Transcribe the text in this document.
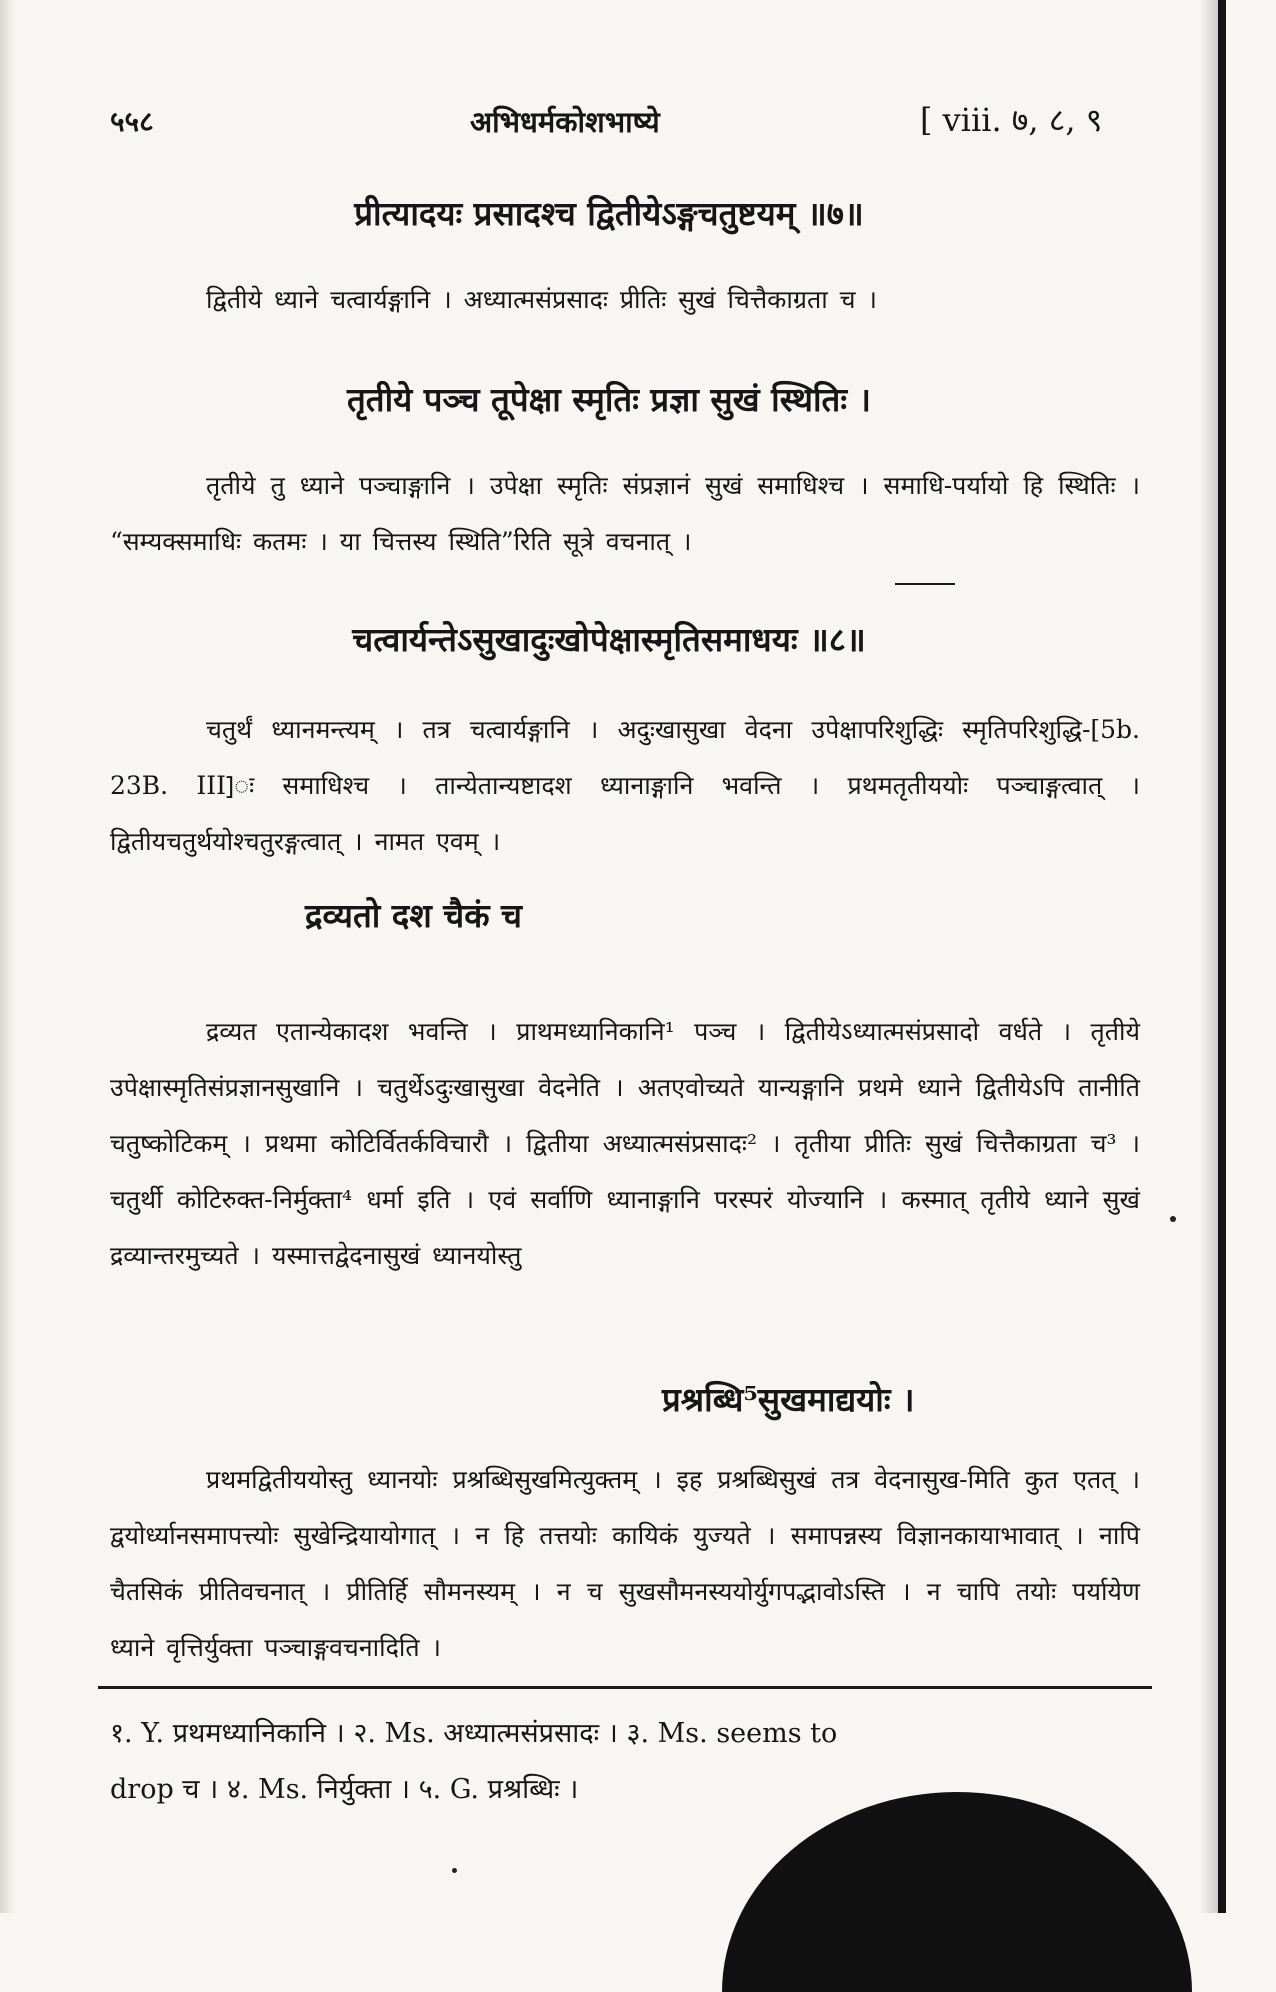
५५८	अभिधर्मकोशभाष्ये	[ viii. ७, ८, ९
प्रीत्यादयः प्रसादश्च द्वितीयेऽङ्गचतुष्टयम् ॥७॥
द्वितीये ध्याने चत्वार्यङ्गानि । अध्यात्मसंप्रसादः प्रीतिः सुखं चित्तैकाग्रता च ।
तृतीये पञ्च तूपेक्षा स्मृतिः प्रज्ञा सुखं स्थितिः ।
तृतीये तु ध्याने पञ्चाङ्गानि । उपेक्षा स्मृतिः संप्रज्ञानं सुखं समाधिश्च । समाधि-पर्यायो हि स्थितिः । “सम्यक्समाधिः कतमः । या चित्तस्य स्थिति”रिति सूत्रे वचनात् ।
चत्वार्यन्तेऽसुखादुःखोपेक्षास्मृतिसमाधयः ॥८॥
चतुर्थं ध्यानमन्त्यम् । तत्र चत्वार्यङ्गानि । अदुःखासुखा वेदना उपेक्षापरिशुद्धिः स्मृतिपरिशुद्धि-[5b. 23B. III]ः समाधिश्च । तान्येतान्यष्टादश ध्यानाङ्गानि भवन्ति । प्रथमतृतीययोः पञ्चाङ्गत्वात् । द्वितीयचतुर्थयोश्चतुरङ्गत्वात् । नामत एवम् ।
द्रव्यतो दश चैकं च
द्रव्यत एतान्येकादश भवन्ति । प्राथमध्यानिकानि¹ पञ्च । द्वितीयेऽध्यात्मसंप्रसादो वर्धते । तृतीये उपेक्षास्मृतिसंप्रज्ञानसुखानि । चतुर्थेऽदुःखासुखा वेदनेति । अतएवोच्यते यान्यङ्गानि प्रथमे ध्याने द्वितीयेऽपि तानीति चतुष्कोटिकम् । प्रथमा कोटिर्वितर्कविचारौ । द्वितीया अध्यात्मसंप्रसादः² । तृतीया प्रीतिः सुखं चित्तैकाग्रता च³ । चतुर्थी कोटिरुक्त-निर्मुक्ता⁴ धर्मा इति । एवं सर्वाणि ध्यानाङ्गानि परस्परं योज्यानि । कस्मात् तृतीये ध्याने सुखं द्रव्यान्तरमुच्यते । यस्मात्तद्वेदनासुखं ध्यानयोस्तु
प्रश्रब्धि⁵सुखमाद्ययोः ।
प्रथमद्वितीययोस्तु ध्यानयोः प्रश्रब्धिसुखमित्युक्तम् । इह प्रश्रब्धिसुखं तत्र वेदनासुख-मिति कुत एतत् । द्वयोर्ध्यानसमापत्त्योः सुखेन्द्रियायोगात् । न हि तत्तयोः कायिकं युज्यते । समापन्नस्य विज्ञानकायाभावात् । नापि चैतसिकं प्रीतिवचनात् । प्रीतिर्हि सौमनस्यम् । न च सुखसौमनस्ययोर्युगपद्भावोऽस्ति । न चापि तयोः पर्यायेण ध्याने वृत्तिर्युक्ता पञ्चाङ्गवचनादिति ।
१. Y. प्रथमध्यानिकानि । २. Ms. अध्यात्मसंप्रसादः । ३. Ms. seems to
drop च । ४. Ms. निर्युक्ता । ५. G. प्रश्रब्धिः ।
